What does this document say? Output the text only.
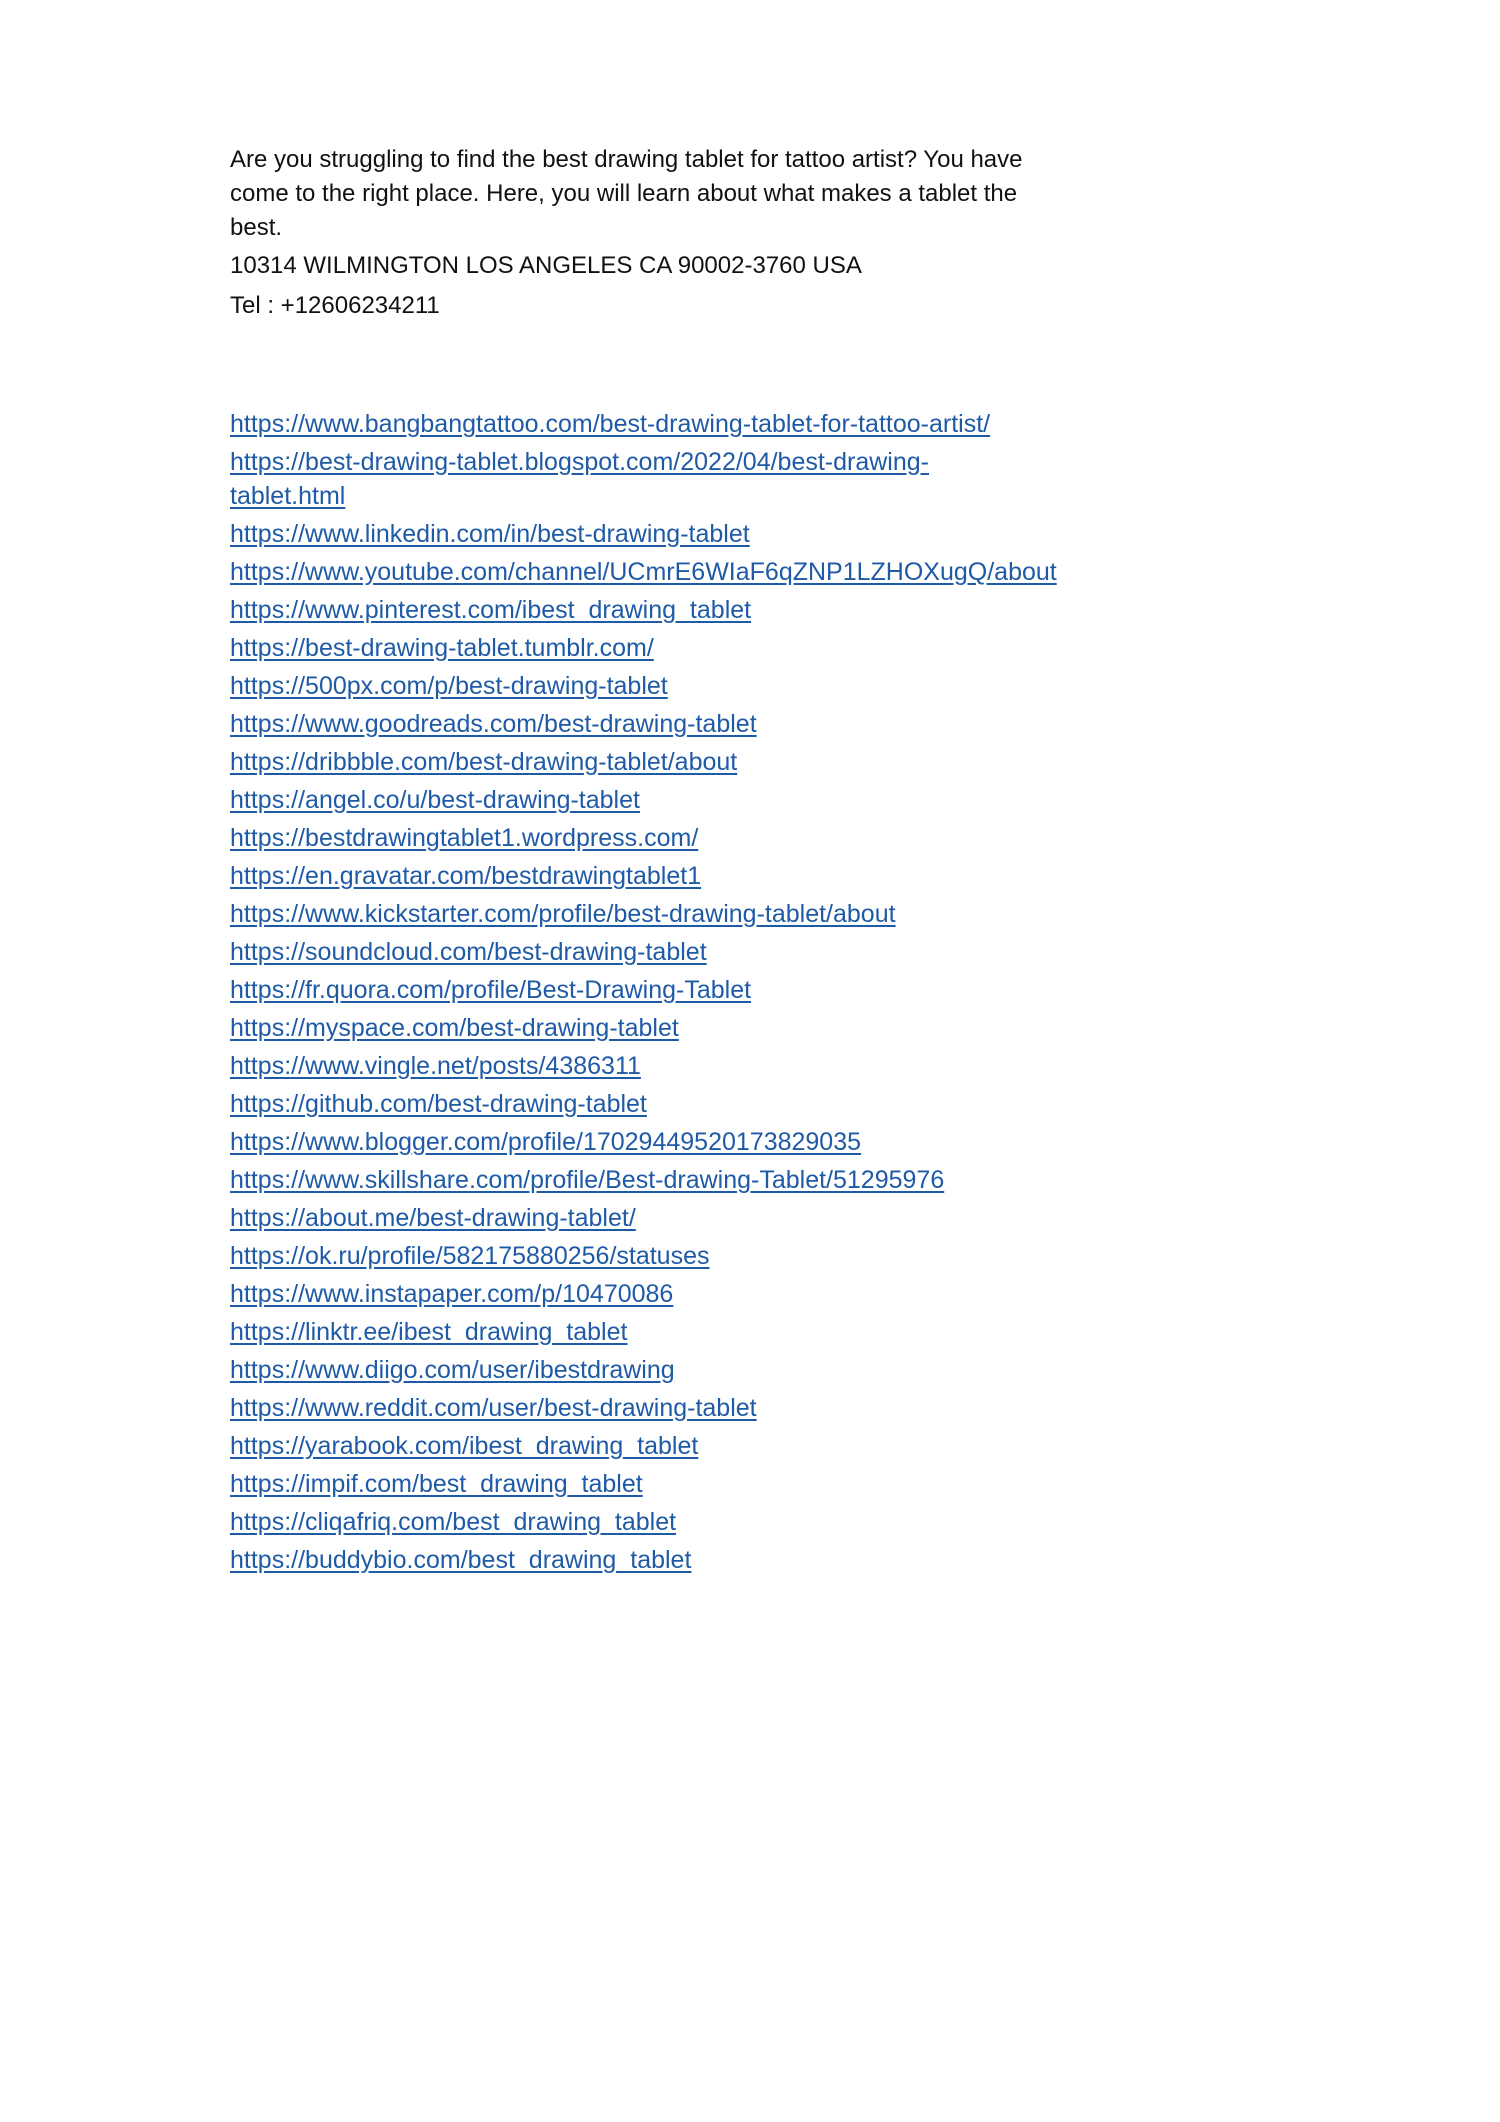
Are you struggling to find the best drawing tablet for tattoo artist? You have come to the right place. Here, you will learn about what makes a tablet the best.

10314 WILMINGTON LOS ANGELES CA 90002-3760 USA

Tel : +12606234211

https://www.bangbangtattoo.com/best-drawing-tablet-for-tattoo-artist/
https://best-drawing-tablet.blogspot.com/2022/04/best-drawing-tablet.html
https://www.linkedin.com/in/best-drawing-tablet
https://www.youtube.com/channel/UCmrE6WIaF6qZNP1LZHOXugQ/about
https://www.pinterest.com/ibest_drawing_tablet
https://best-drawing-tablet.tumblr.com/
https://500px.com/p/best-drawing-tablet
https://www.goodreads.com/best-drawing-tablet
https://dribbble.com/best-drawing-tablet/about
https://angel.co/u/best-drawing-tablet
https://bestdrawingtablet1.wordpress.com/
https://en.gravatar.com/bestdrawingtablet1
https://www.kickstarter.com/profile/best-drawing-tablet/about
https://soundcloud.com/best-drawing-tablet
https://fr.quora.com/profile/Best-Drawing-Tablet
https://myspace.com/best-drawing-tablet
https://www.vingle.net/posts/4386311
https://github.com/best-drawing-tablet
https://www.blogger.com/profile/17029449520173829035
https://www.skillshare.com/profile/Best-drawing-Tablet/51295976
https://about.me/best-drawing-tablet/
https://ok.ru/profile/582175880256/statuses
https://www.instapaper.com/p/10470086
https://linktr.ee/ibest_drawing_tablet
https://www.diigo.com/user/ibestdrawing
https://www.reddit.com/user/best-drawing-tablet
https://yarabook.com/ibest_drawing_tablet
https://impif.com/best_drawing_tablet
https://cliqafriq.com/best_drawing_tablet
https://buddybio.com/best_drawing_tablet
